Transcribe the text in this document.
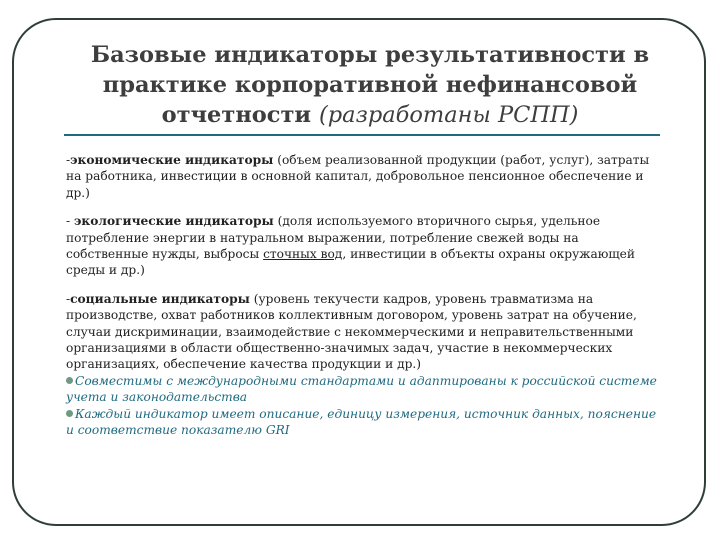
Базовые индикаторы результативности в практике корпоративной нефинансовой отчетности (разработаны РСПП)

-экономические индикаторы (объем реализованной продукции (работ, услуг), затраты на работника, инвестиции в основной капитал, добровольное пенсионное обеспечение и др.)

- экологические индикаторы (доля используемого вторичного сырья, удельное потребление энергии в натуральном выражении, потребление свежей воды на собственные нужды, выбросы сточных вод, инвестиции в объекты охраны окружающей среды и др.)

-социальные индикаторы (уровень текучести кадров, уровень травматизма на производстве, охват работников коллективным договором, уровень затрат на обучение, случаи дискриминации, взаимодействие с некоммерческими и неправительственными организациями в области общественно-значимых задач, участие в некоммерческих организациях, обеспечение качества продукции и др.)

Совместимы с международными стандартами и адаптированы к российской системе учета и законодательства

Каждый индикатор имеет описание, единицу измерения, источник данных, пояснение и соответствие показателю GRI
